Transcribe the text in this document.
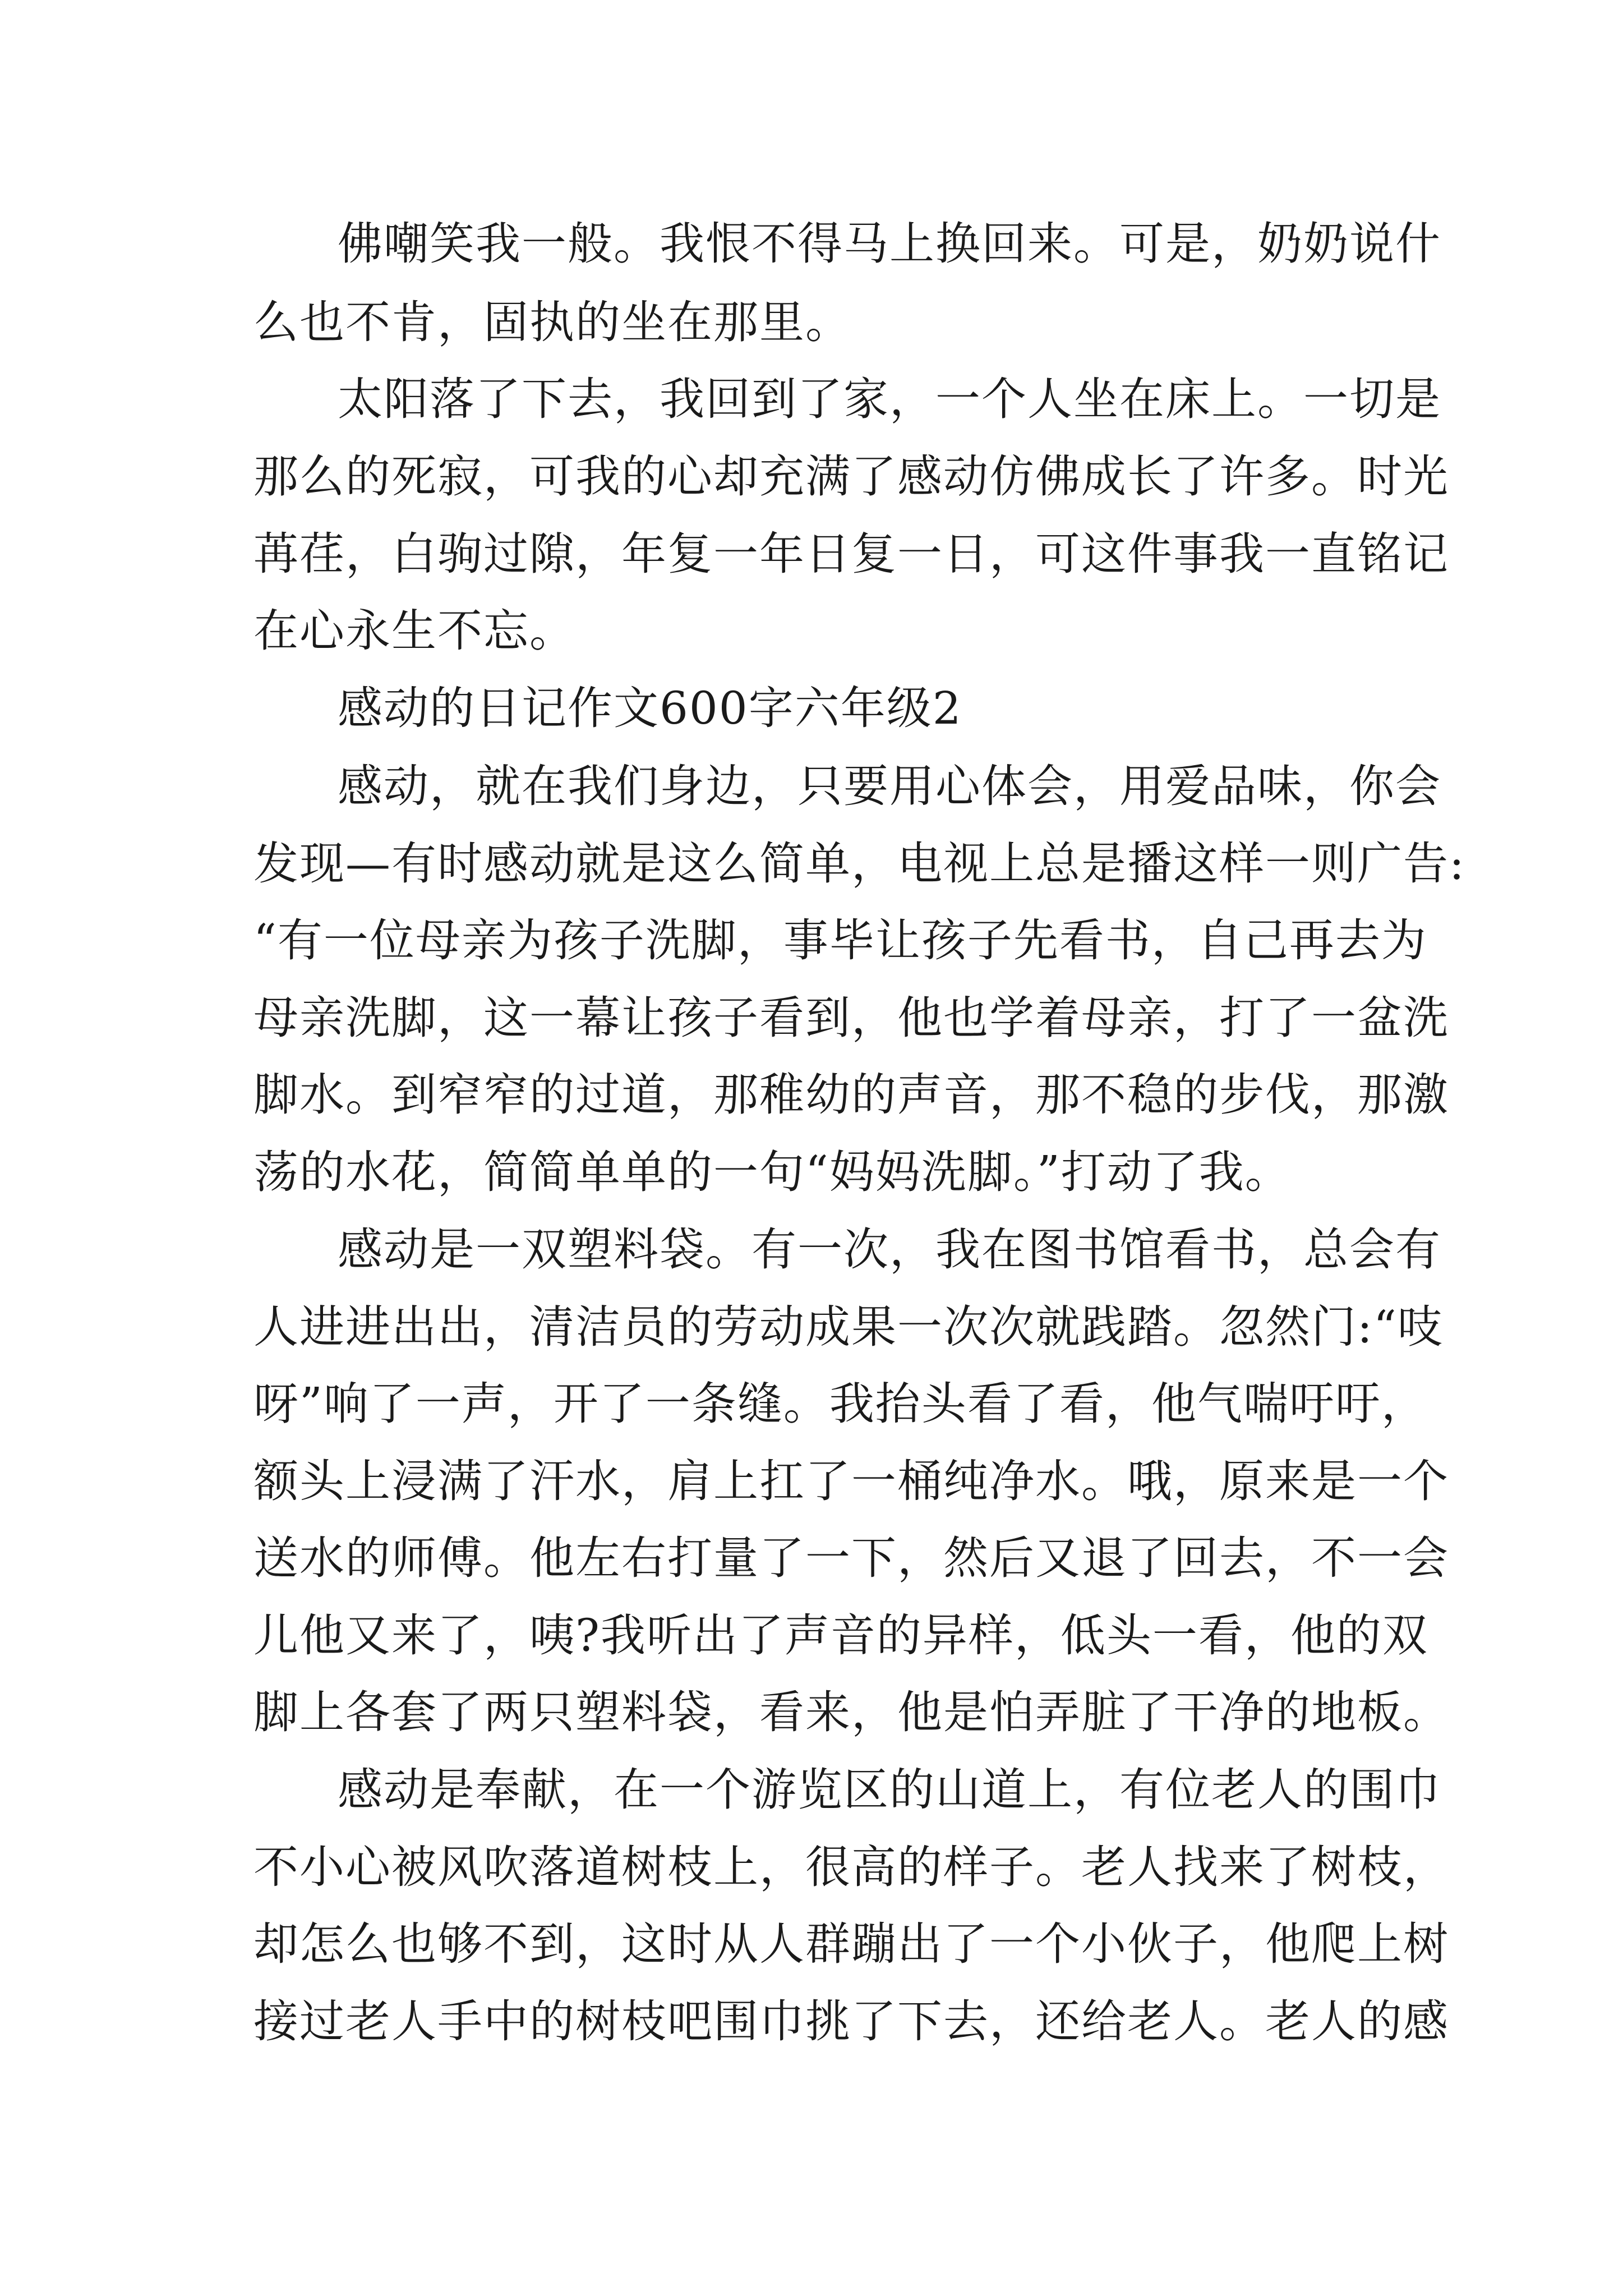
佛嘲笑我一般。我恨不得马上换回来。可是，奶奶说什
么也不肯，固执的坐在那里。
太阳落了下去，我回到了家，一个人坐在床上。一切是
那么的死寂，可我的心却充满了感动仿佛成长了许多。时光
苒荏，白驹过隙，年复一年日复一日，可这件事我一直铭记
在心永生不忘。
感动的日记作文600字六年级2
感动，就在我们身边，只要用心体会，用爱品味，你会
发现—有时感动就是这么简单，电视上总是播这样一则广告:
“有一位母亲为孩子洗脚，事毕让孩子先看书，自己再去为
母亲洗脚，这一幕让孩子看到，他也学着母亲，打了一盆洗
脚水。到窄窄的过道，那稚幼的声音，那不稳的步伐，那激
荡的水花，简简单单的一句“妈妈洗脚。”打动了我。
感动是一双塑料袋。有一次，我在图书馆看书，总会有
人进进出出，清洁员的劳动成果一次次就践踏。忽然门:“吱
呀”响了一声，开了一条缝。我抬头看了看，他气喘吁吁，
额头上浸满了汗水，肩上扛了一桶纯净水。哦，原来是一个
送水的师傅。他左右打量了一下，然后又退了回去，不一会
儿他又来了，咦?我听出了声音的异样，低头一看，他的双
脚上各套了两只塑料袋，看来，他是怕弄脏了干净的地板。
感动是奉献，在一个游览区的山道上，有位老人的围巾
不小心被风吹落道树枝上，很高的样子。老人找来了树枝，
却怎么也够不到，这时从人群蹦出了一个小伙子，他爬上树
接过老人手中的树枝吧围巾挑了下去，还给老人。老人的感
